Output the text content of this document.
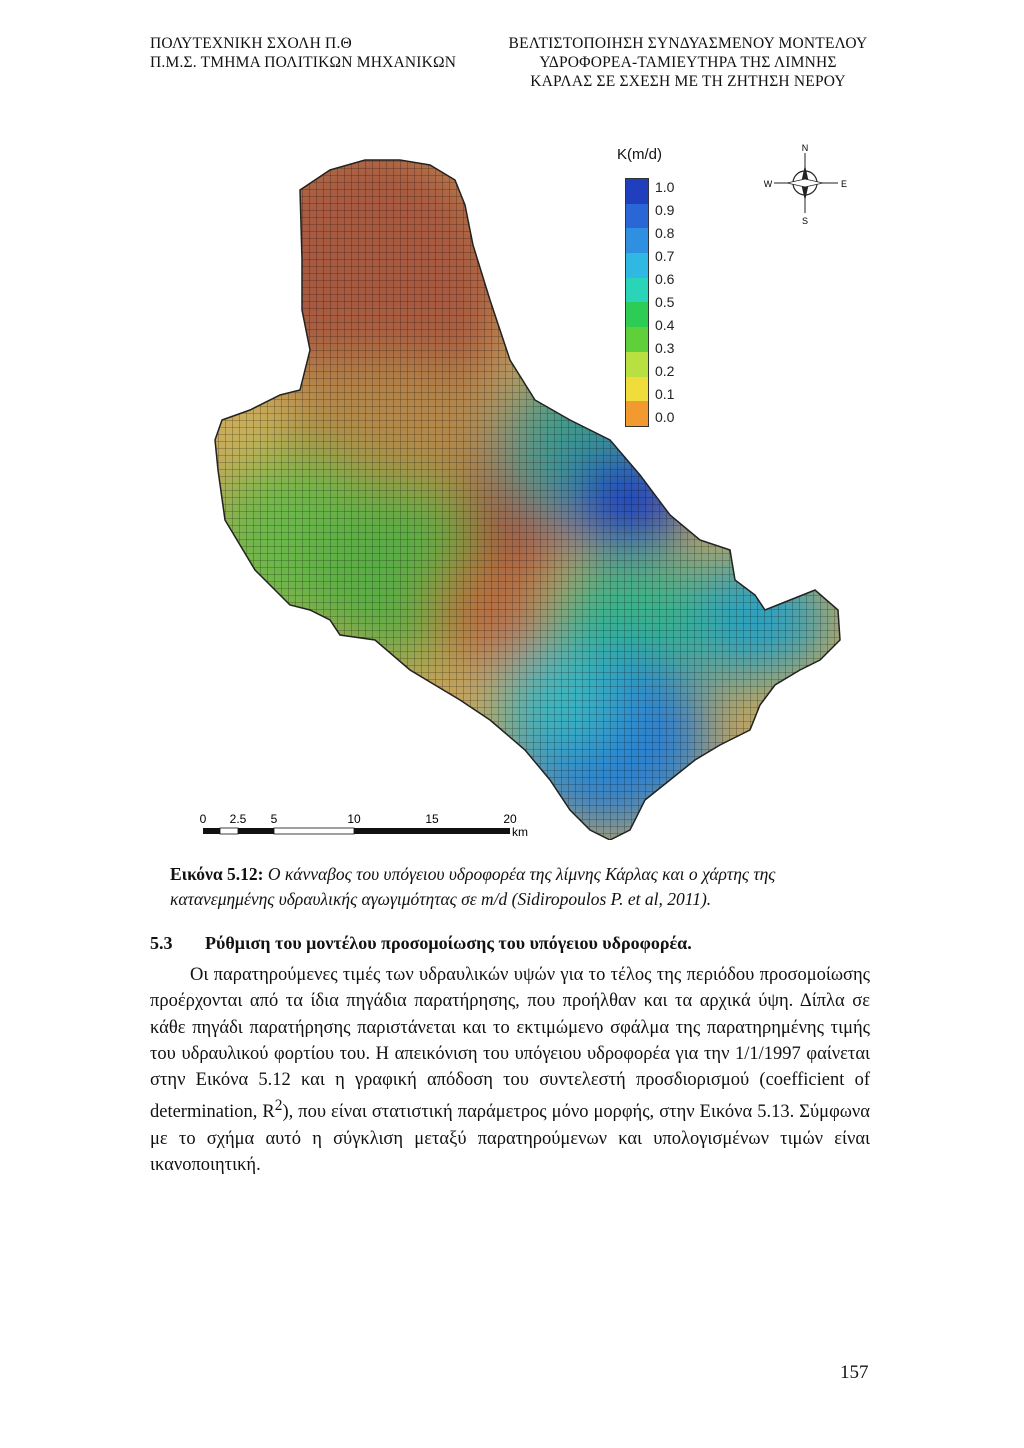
ΠΟΛΥΤΕΧΝΙΚΗ ΣΧΟΛΗ Π.Θ
Π.Μ.Σ. ΤΜΗΜΑ ΠΟΛΙΤΙΚΩΝ ΜΗΧΑΝΙΚΩΝ
ΒΕΛΤΙΣΤΟΠΟΙΗΣΗ ΣΥΝΔΥΑΣΜΕΝΟΥ ΜΟΝΤΕΛΟΥ
ΥΔΡΟΦΟΡΕΑ-ΤΑΜΙΕΥΤΗΡΑ ΤΗΣ ΛΙΜΝΗΣ
ΚΑΡΛΑΣ ΣΕ ΣΧΕΣΗ ΜΕ ΤΗ ΖΗΤΗΣΗ ΝΕΡΟΥ
K(m/d)
1.0
0.9
0.8
0.7
0.6
0.5
0.4
0.3
0.2
0.1
0.0
N
S
W	E
0 2.5 5	10	15	20
km
Εικόνα 5.12: Ο κάνναβος του υπόγειου υδροφορέα της λίμνης Κάρλας και ο χάρτης της κατανεμημένης υδραυλικής αγωγιμότητας σε m/d (Sidiropoulos P. et al, 2011).
5.3 Ρύθμιση του μοντέλου προσομοίωσης του υπόγειου υδροφορέα.

Οι παρατηρούμενες τιμές των υδραυλικών υψών για το τέλος της περιόδου προσομοίωσης προέρχονται από τα ίδια πηγάδια παρατήρησης, που προήλθαν και τα αρχικά ύψη. Δίπλα σε κάθε πηγάδι παρατήρησης παριστάνεται και το εκτιμώμενο σφάλμα της παρατηρημένης τιμής του υδραυλικού φορτίου του. Η απεικόνιση του υπόγειου υδροφορέα για την 1/1/1997 φαίνεται στην Εικόνα 5.12 και η γραφική απόδοση του συντελεστή προσδιορισμού (coefficient of determination, $R^2$), που είναι στατιστική παράμετρος μόνο μορφής, στην Εικόνα 5.13. Σύμφωνα με το σχήμα αυτό η σύγκλιση μεταξύ παρατηρούμενων και υπολογισμένων τιμών είναι ικανοποιητική.

157
